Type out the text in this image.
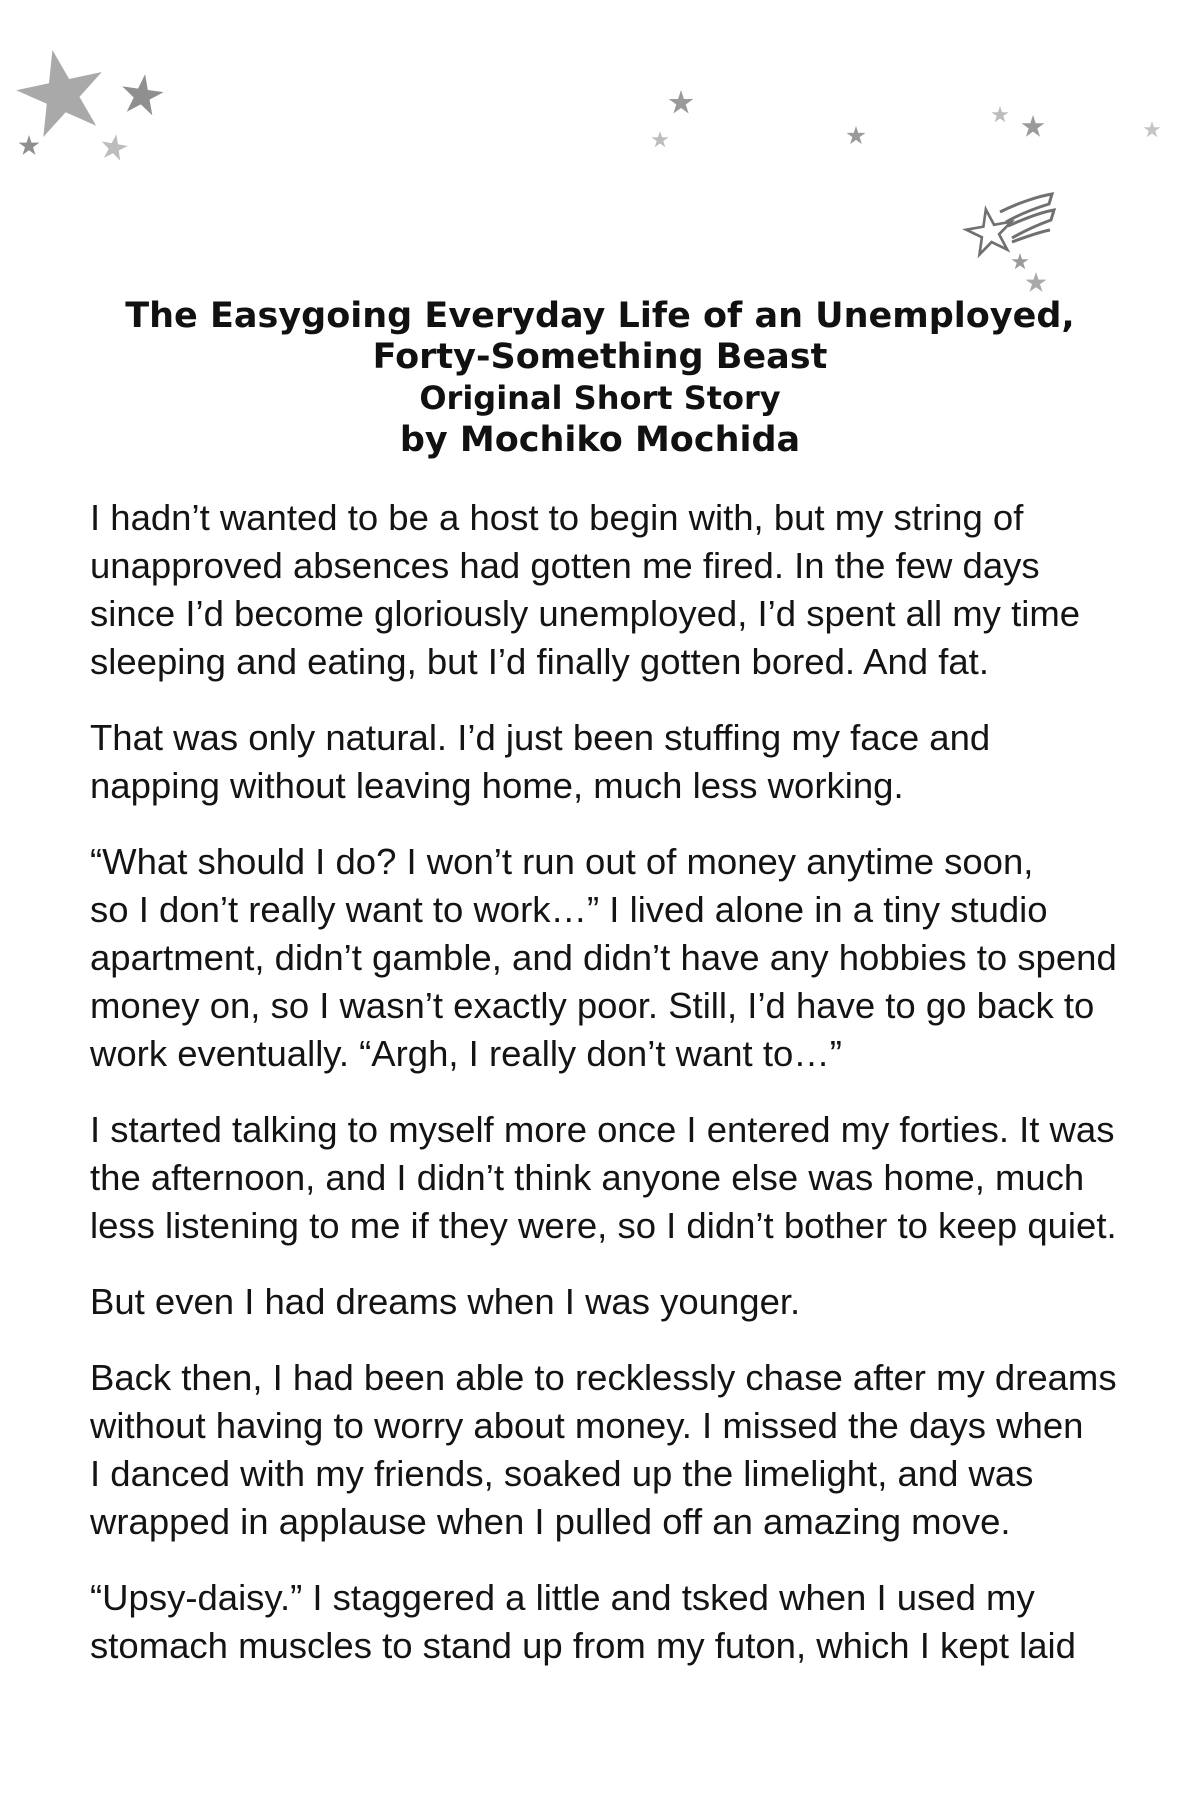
The Easygoing Everyday Life of an Unemployed,
Forty-Something Beast
Original Short Story
by Mochiko Mochida

I hadn’t wanted to be a host to begin with, but my string of
unapproved absences had gotten me fired. In the few days
since I’d become gloriously unemployed, I’d spent all my time
sleeping and eating, but I’d finally gotten bored. And fat.

That was only natural. I’d just been stuffing my face and
napping without leaving home, much less working.

“What should I do? I won’t run out of money anytime soon,
so I don’t really want to work…” I lived alone in a tiny studio
apartment, didn’t gamble, and didn’t have any hobbies to spend
money on, so I wasn’t exactly poor. Still, I’d have to go back to
work eventually. “Argh, I really don’t want to…”

I started talking to myself more once I entered my forties. It was
the afternoon, and I didn’t think anyone else was home, much
less listening to me if they were, so I didn’t bother to keep quiet.

But even I had dreams when I was younger.

Back then, I had been able to recklessly chase after my dreams
without having to worry about money. I missed the days when
I danced with my friends, soaked up the limelight, and was
wrapped in applause when I pulled off an amazing move.

“Upsy-daisy.” I staggered a little and tsked when I used my
stomach muscles to stand up from my futon, which I kept laid
